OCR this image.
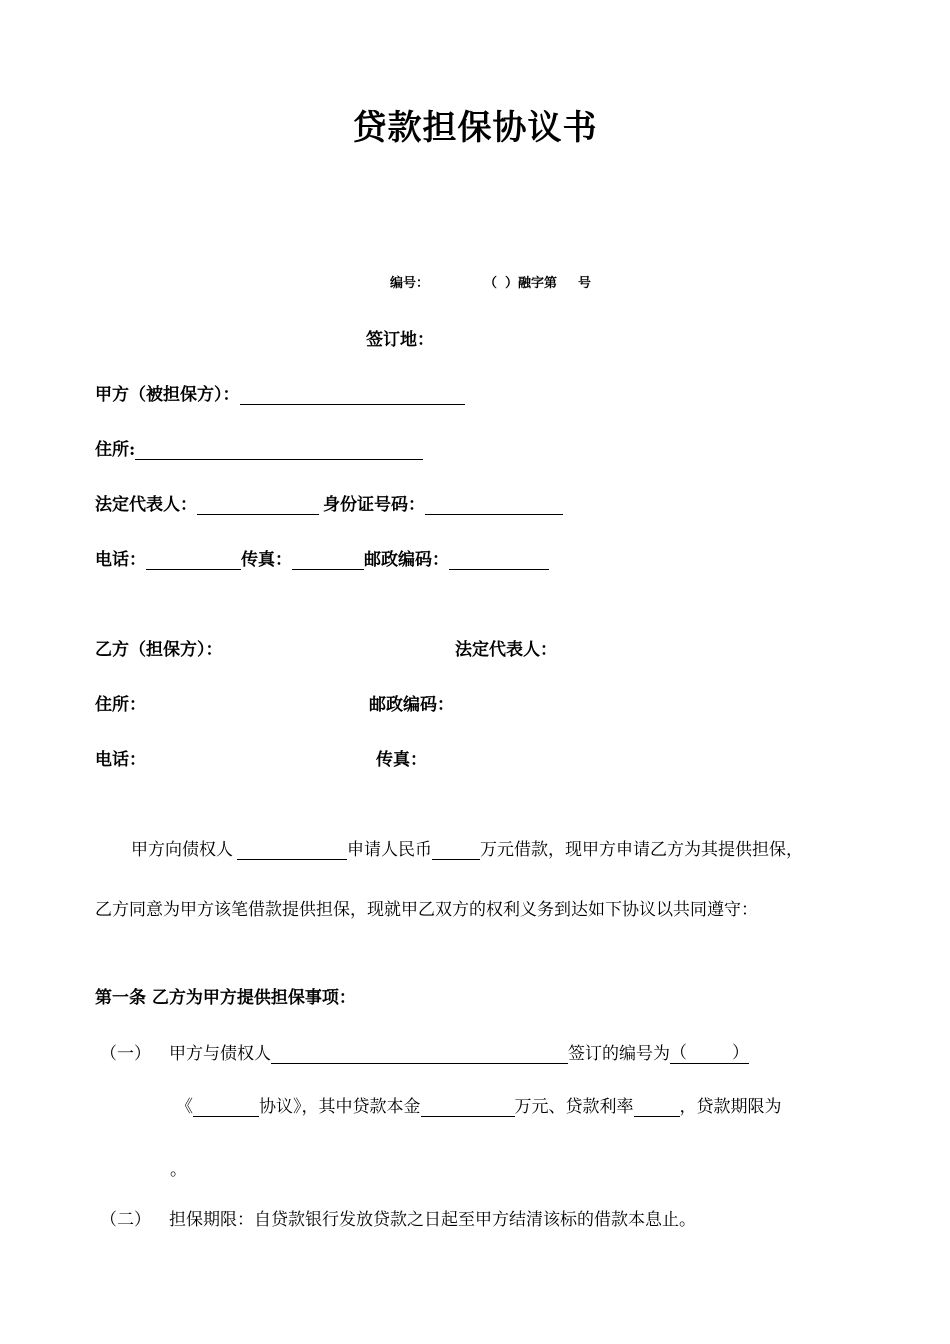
贷款担保协议书
编号：	（ ）融字第 号
签订地：
甲方（被担保方）：
住所:
法定代表人：	身份证号码：
电话：	传真：	邮政编码：
乙方（担保方）：	法定代表人：
住所：	邮政编码：
电话：	传真：
甲方向债权人	申请人民币	万元借款，现甲方申请乙方为其提供担保，
乙方同意为甲方该笔借款提供担保，现就甲乙双方的权利义务到达如下协议以共同遵守：
第一条 乙方为甲方提供担保事项：
（一） 甲方与债权人	签订的编号为 （	）
《	协议》，其中贷款本金	万元、贷款利率	，贷款期限为
。
（二） 担保期限：自贷款银行发放贷款之日起至甲方结清该标的借款本息止。
